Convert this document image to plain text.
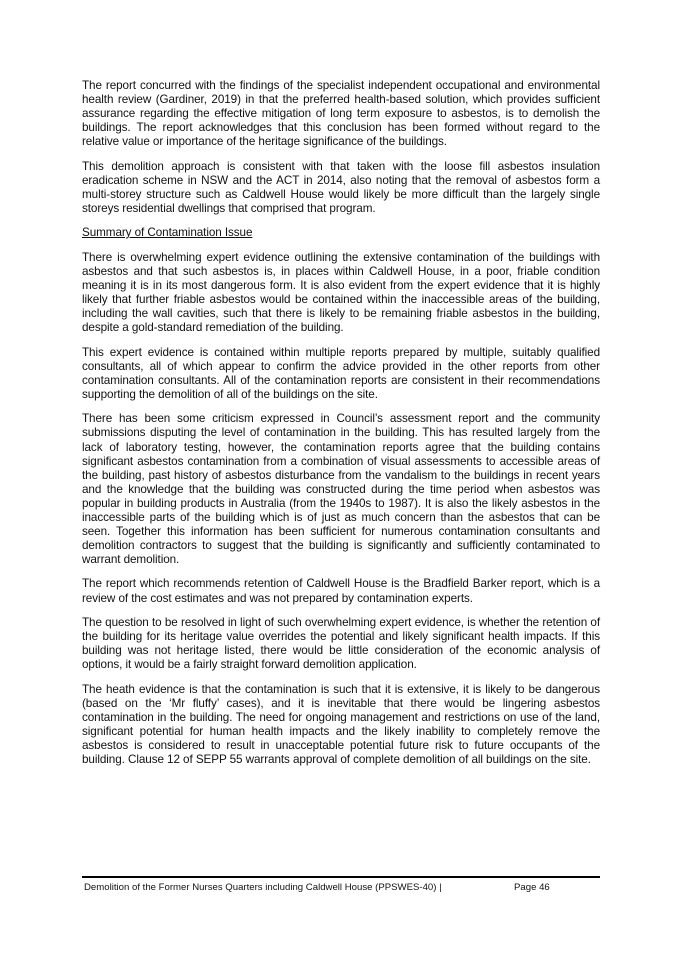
The report concurred with the findings of the specialist independent occupational and environmental health review (Gardiner, 2019) in that the preferred health-based solution, which provides sufficient assurance regarding the effective mitigation of long term exposure to asbestos, is to demolish the buildings. The report acknowledges that this conclusion has been formed without regard to the relative value or importance of the heritage significance of the buildings.

This demolition approach is consistent with that taken with the loose fill asbestos insulation eradication scheme in NSW and the ACT in 2014, also noting that the removal of asbestos form a multi-storey structure such as Caldwell House would likely be more difficult than the largely single storeys residential dwellings that comprised that program.

Summary of Contamination Issue

There is overwhelming expert evidence outlining the extensive contamination of the buildings with asbestos and that such asbestos is, in places within Caldwell House, in a poor, friable condition meaning it is in its most dangerous form. It is also evident from the expert evidence that it is highly likely that further friable asbestos would be contained within the inaccessible areas of the building, including the wall cavities, such that there is likely to be remaining friable asbestos in the building, despite a gold-standard remediation of the building.

This expert evidence is contained within multiple reports prepared by multiple, suitably qualified consultants, all of which appear to confirm the advice provided in the other reports from other contamination consultants. All of the contamination reports are consistent in their recommendations supporting the demolition of all of the buildings on the site.

There has been some criticism expressed in Council’s assessment report and the community submissions disputing the level of contamination in the building. This has resulted largely from the lack of laboratory testing, however, the contamination reports agree that the building contains significant asbestos contamination from a combination of visual assessments to accessible areas of the building, past history of asbestos disturbance from the vandalism to the buildings in recent years and the knowledge that the building was constructed during the time period when asbestos was popular in building products in Australia (from the 1940s to 1987). It is also the likely asbestos in the inaccessible parts of the building which is of just as much concern than the asbestos that can be seen. Together this information has been sufficient for numerous contamination consultants and demolition contractors to suggest that the building is significantly and sufficiently contaminated to warrant demolition.

The report which recommends retention of Caldwell House is the Bradfield Barker report, which is a review of the cost estimates and was not prepared by contamination experts.

The question to be resolved in light of such overwhelming expert evidence, is whether the retention of the building for its heritage value overrides the potential and likely significant health impacts. If this building was not heritage listed, there would be little consideration of the economic analysis of options, it would be a fairly straight forward demolition application.

The heath evidence is that the contamination is such that it is extensive, it is likely to be dangerous (based on the ‘Mr fluffy’ cases), and it is inevitable that there would be lingering asbestos contamination in the building. The need for ongoing management and restrictions on use of the land, significant potential for human health impacts and the likely inability to completely remove the asbestos is considered to result in unacceptable potential future risk to future occupants of the building. Clause 12 of SEPP 55 warrants approval of complete demolition of all buildings on the site.

Demolition of the Former Nurses Quarters including Caldwell House (PPSWES-40) |	Page 46
